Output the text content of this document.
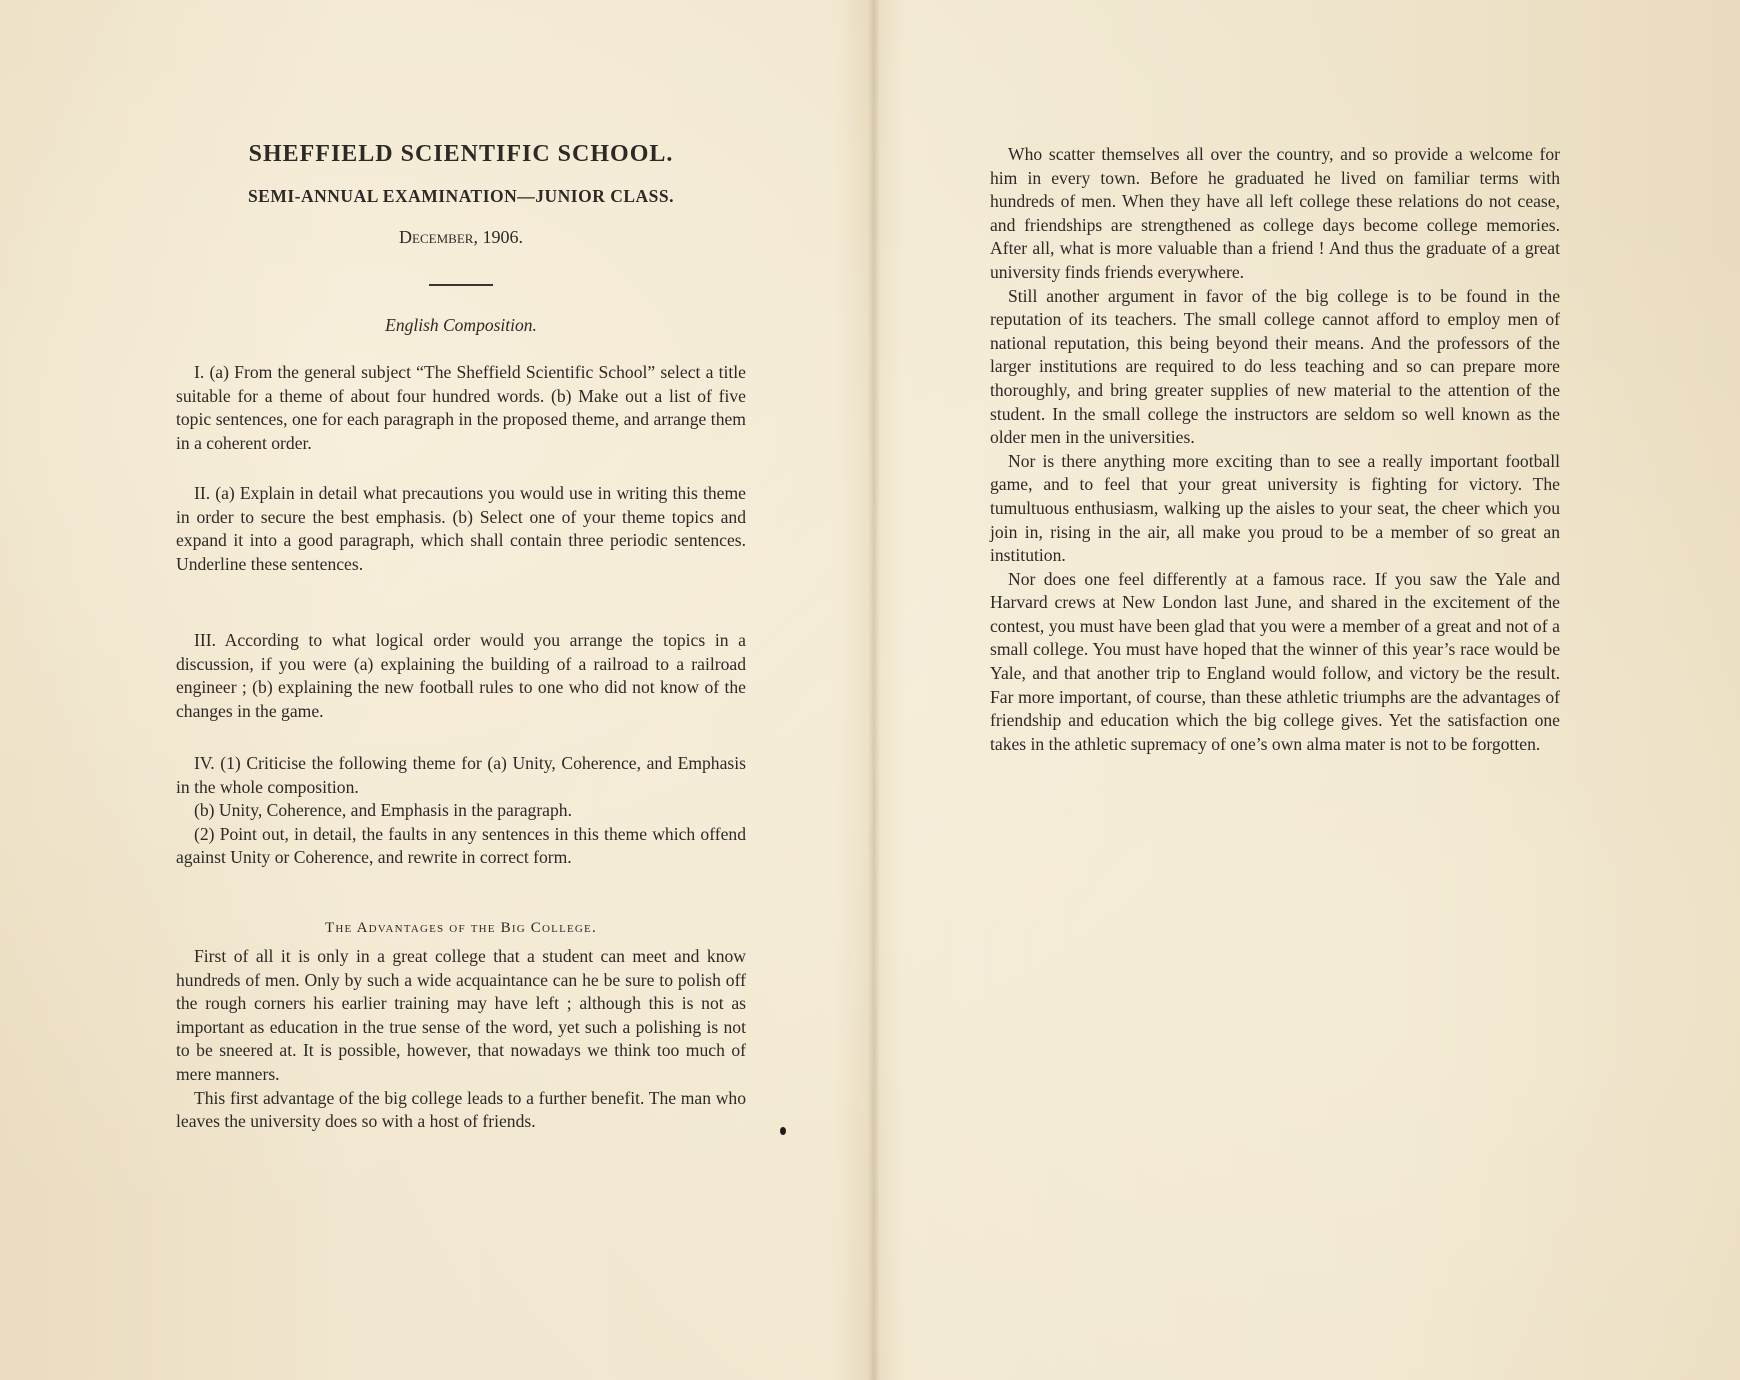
SHEFFIELD SCIENTIFIC SCHOOL.
SEMI-ANNUAL EXAMINATION—JUNIOR CLASS.

December, 1906.

English Composition.

I. (a) From the general subject “The Sheffield Scientific School” select a title suitable for a theme of about four hundred words. (b) Make out a list of five topic sentences, one for each paragraph in the proposed theme, and arrange them in a coherent order.

II. (a) Explain in detail what precautions you would use in writing this theme in order to secure the best emphasis. (b) Select one of your theme topics and expand it into a good paragraph, which shall contain three periodic sentences. Underline these sentences.

III. According to what logical order would you arrange the topics in a discussion, if you were (a) explaining the building of a railroad to a railroad engineer ; (b) explaining the new football rules to one who did not know of the changes in the game.

IV. (1) Criticise the following theme for (a) Unity, Coherence, and Emphasis in the whole composition.

(b) Unity, Coherence, and Emphasis in the paragraph.

(2) Point out, in detail, the faults in any sentences in this theme which offend against Unity or Coherence, and rewrite in correct form.

The Advantages of the Big College.

First of all it is only in a great college that a student can meet and know hundreds of men. Only by such a wide acquaintance can he be sure to polish off the rough corners his earlier training may have left ; although this is not as important as education in the true sense of the word, yet such a polishing is not to be sneered at. It is possible, however, that nowadays we think too much of mere manners.

This first advantage of the big college leads to a further benefit. The man who leaves the university does so with a host of friends.

Who scatter themselves all over the country, and so provide a welcome for him in every town. Before he graduated he lived on familiar terms with hundreds of men. When they have all left college these relations do not cease, and friendships are strengthened as college days become college memories. After all, what is more valuable than a friend ! And thus the graduate of a great university finds friends everywhere.

Still another argument in favor of the big college is to be found in the reputation of its teachers. The small college cannot afford to employ men of national reputation, this being beyond their means. And the professors of the larger institutions are required to do less teaching and so can prepare more thoroughly, and bring greater supplies of new material to the attention of the student. In the small college the instructors are seldom so well known as the older men in the universities.

Nor is there anything more exciting than to see a really important football game, and to feel that your great university is fighting for victory. The tumultuous enthusiasm, walking up the aisles to your seat, the cheer which you join in, rising in the air, all make you proud to be a member of so great an institution.

Nor does one feel differently at a famous race. If you saw the Yale and Harvard crews at New London last June, and shared in the excitement of the contest, you must have been glad that you were a member of a great and not of a small college. You must have hoped that the winner of this year’s race would be Yale, and that another trip to England would follow, and victory be the result. Far more important, of course, than these athletic triumphs are the advantages of friendship and education which the big college gives. Yet the satisfaction one takes in the athletic supremacy of one’s own alma mater is not to be forgotten.
